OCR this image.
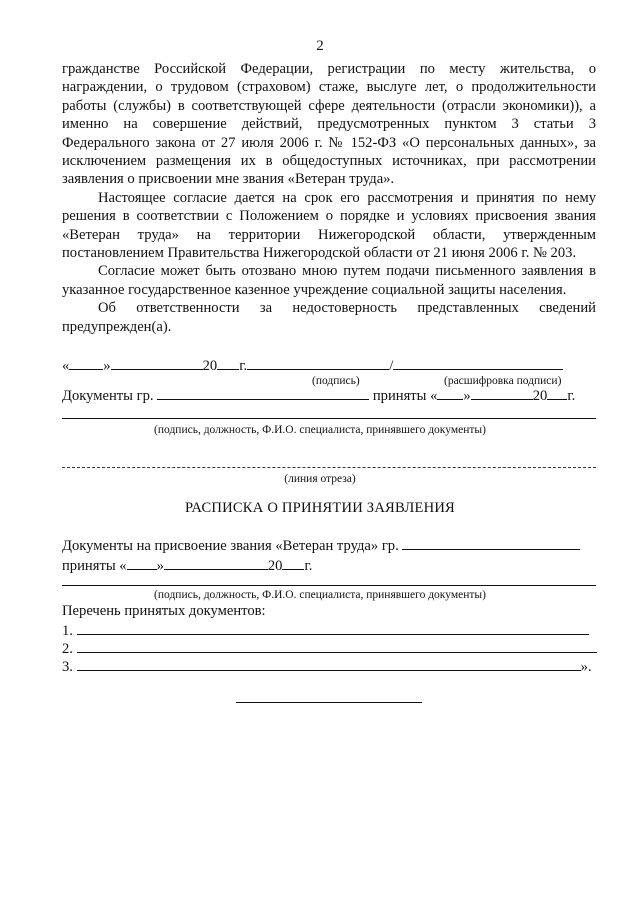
2

гражданстве Российской Федерации, регистрации по месту жительства, о награждении, о трудовом (страховом) стаже, выслуге лет, о продолжительности работы (службы) в соответствующей сфере деятельности (отрасли экономики)), а именно на совершение действий, предусмотренных пунктом 3 статьи 3 Федерального закона от 27 июля 2006 г. № 152-ФЗ «О персональных данных», за исключением размещения их в общедоступных источниках, при рассмотрении заявления о присвоении мне звания «Ветеран труда».

Настоящее согласие дается на срок его рассмотрения и принятия по нему решения в соответствии с Положением о порядке и условиях присвоения звания «Ветеран труда» на территории Нижегородской области, утвержденным постановлением Правительства Нижегородской области от 21 июня 2006 г. № 203.

Согласие может быть отозвано мною путем подачи письменного заявления в указанное государственное казенное учреждение социальной защиты населения.

Об ответственности за недостоверность представленных сведений предупрежден(а).

« »	20 г.	/
(подпись)	(расшифровка подписи)
Документы гр.	приняты « »	20 г.
(подпись, должность, Ф.И.О. специалиста, принявшего документы)
(линия отреза)
РАСПИСКА О ПРИНЯТИИ ЗАЯВЛЕНИЯ
Документы на присвоение звания «Ветеран труда» гр.
приняты « »	20 г.
(подпись, должность, Ф.И.О. специалиста, принявшего документы)
Перечень принятых документов:
1.
2.
3.	».
